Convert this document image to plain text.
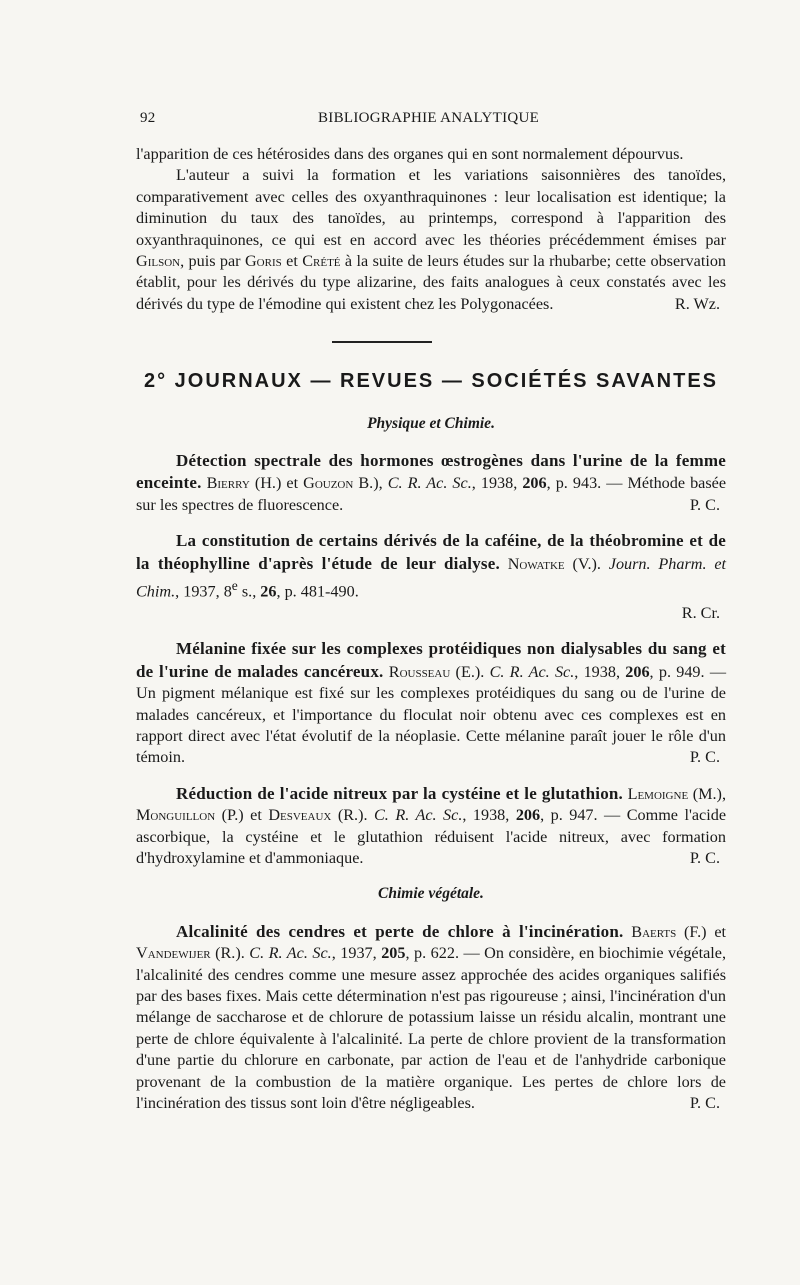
92	BIBLIOGRAPHIE ANALYTIQUE

l'apparition de ces hétérosides dans des organes qui en sont normalement dépourvus.

L'auteur a suivi la formation et les variations saisonnières des tanoïdes, comparativement avec celles des oxyanthraquinones : leur localisation est identique; la diminution du taux des tanoïdes, au printemps, correspond à l'apparition des oxyanthraquinones, ce qui est en accord avec les théories précédemment émises par Gilson, puis par Goris et Crété à la suite de leurs études sur la rhubarbe; cette observation établit, pour les dérivés du type alizarine, des faits analogues à ceux constatés avec les dérivés du type de l'émodine qui existent chez les Polygonacées.	R. Wz.

2° JOURNAUX — REVUES — SOCIÉTÉS SAVANTES
Physique et Chimie.

Détection spectrale des hormones œstrogènes dans l'urine de la femme enceinte. Bierry (H.) et Gouzon B.), C. R. Ac. Sc., 1938, 206, p. 943. — Méthode basée sur les spectres de fluorescence.	P. C.

La constitution de certains dérivés de la caféine, de la théobromine et de la théophylline d'après l'étude de leur dialyse. Nowatke (V.). Journ. Pharm. et Chim., 1937, 8e s., 26, p. 481-490.

R. Cr.

Mélanine fixée sur les complexes protéidiques non dialysables du sang et de l'urine de malades cancéreux. Rousseau (E.). C. R. Ac. Sc., 1938, 206, p. 949. — Un pigment mélanique est fixé sur les complexes protéidiques du sang ou de l'urine de malades cancéreux, et l'importance du floculat noir obtenu avec ces complexes est en rapport direct avec l'état évolutif de la néoplasie. Cette mélanine paraît jouer le rôle d'un témoin.	P. C.

Réduction de l'acide nitreux par la cystéine et le glutathion. Lemoigne (M.), Monguillon (P.) et Desveaux (R.). C. R. Ac. Sc., 1938, 206, p. 947. — Comme l'acide ascorbique, la cystéine et le glutathion réduisent l'acide nitreux, avec formation d'hydroxylamine et d'ammoniaque.	P. C.

Chimie végétale.

Alcalinité des cendres et perte de chlore à l'incinération. Baerts (F.) et Vandewijer (R.). C. R. Ac. Sc., 1937, 205, p. 622. — On considère, en biochimie végétale, l'alcalinité des cendres comme une mesure assez approchée des acides organiques salifiés par des bases fixes. Mais cette détermination n'est pas rigoureuse ; ainsi, l'incinération d'un mélange de saccharose et de chlorure de potassium laisse un résidu alcalin, montrant une perte de chlore équivalente à l'alcalinité. La perte de chlore provient de la transformation d'une partie du chlorure en carbonate, par action de l'eau et de l'anhydride carbonique provenant de la combustion de la matière organique. Les pertes de chlore lors de l'incinération des tissus sont loin d'être négligeables.	P. C.
